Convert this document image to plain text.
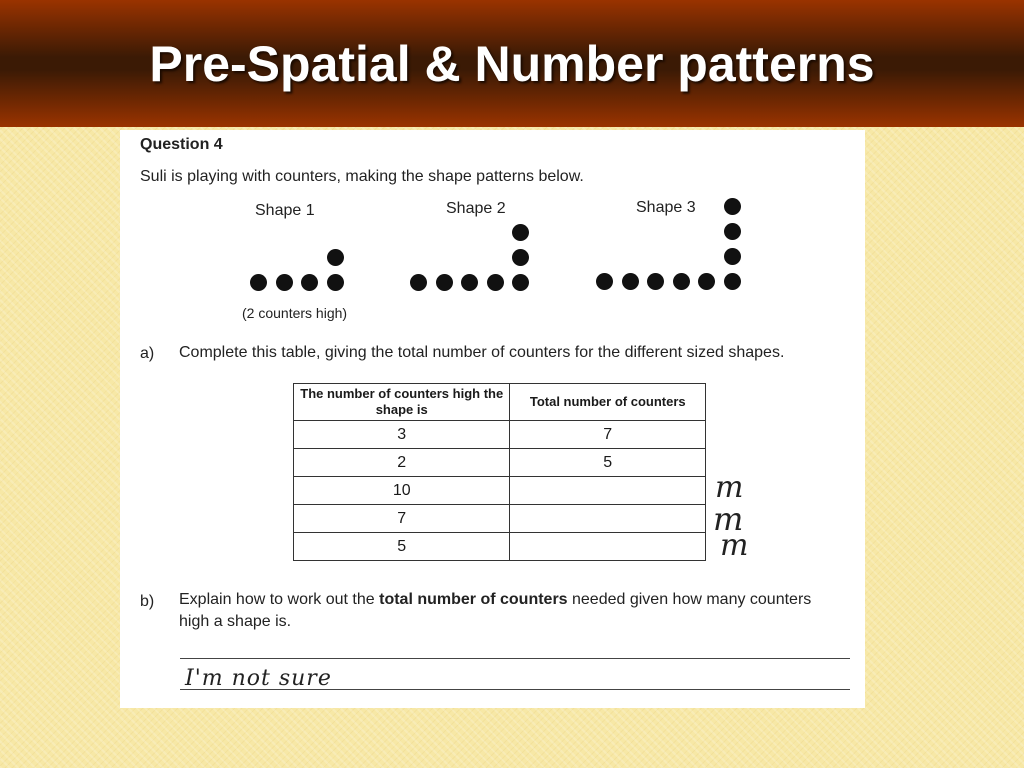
Pre-Spatial & Number patterns
Question 4
Suli is playing with counters, making the shape patterns below.
Shape 1	Shape 2	Shape 3
(2 counters high)
a) Complete this table, giving the total number of counters for the different sized shapes.
The number of counters high the shape is	Total number of counters
3	7
2	5
10	
7	
5	
m
m
m
b) Explain how to work out the total number of counters needed given how many counters high a shape is.
I'm not sure
